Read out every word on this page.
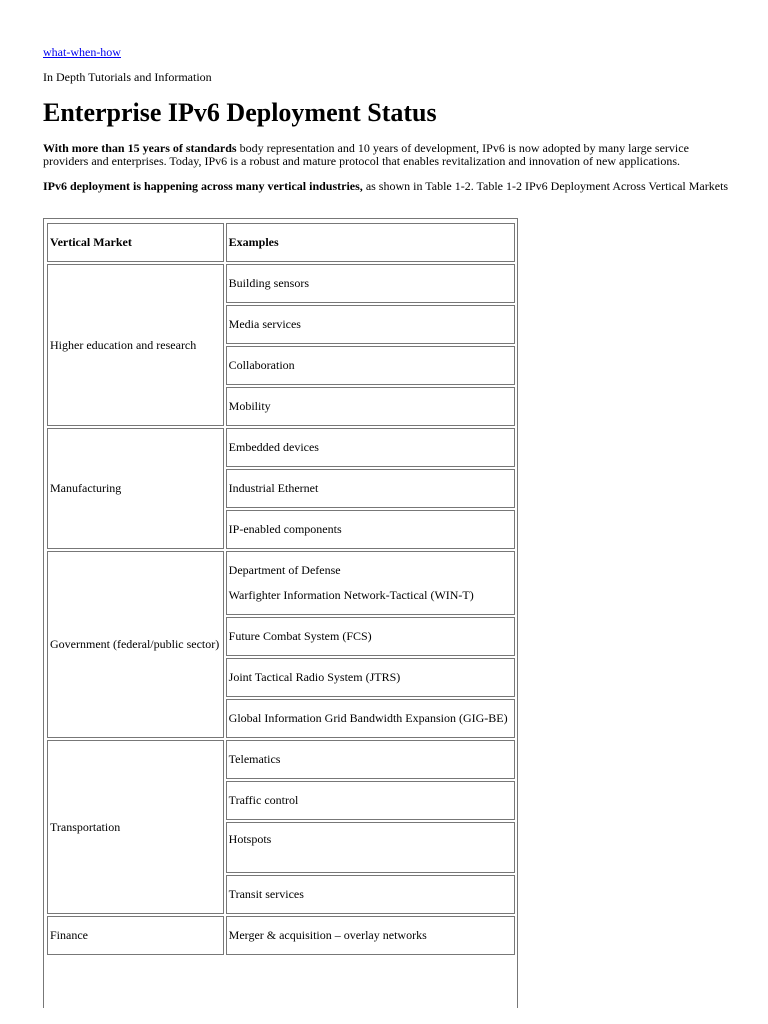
what-when-how
In Depth Tutorials and Information
Enterprise IPv6 Deployment Status

With more than 15 years of standards body representation and 10 years of development, IPv6 is now adopted by many large service providers and enterprises. Today, IPv6 is a robust and mature protocol that enables revitalization and innovation of new applications.

IPv6 deployment is happening across many vertical industries, as shown in Table 1-2. Table 1-2 IPv6 Deployment Across Vertical Markets

Vertical Market	Examples
Higher education and research	Building sensors
	Media services
	Collaboration
	Mobility
Manufacturing	Embedded devices
	Industrial Ethernet
	IP-enabled components
Government (federal/public sector)	Department of Defense
Warfighter Information Network-Tactical (WIN-T)

	Future Combat System (FCS)
	Joint Tactical Radio System (JTRS)
	Global Information Grid Bandwidth Expansion (GIG-BE)
Transportation	Telematics
	Traffic control
	Hotspots
	Transit services
Finance	Merger & acquisition – overlay networks
